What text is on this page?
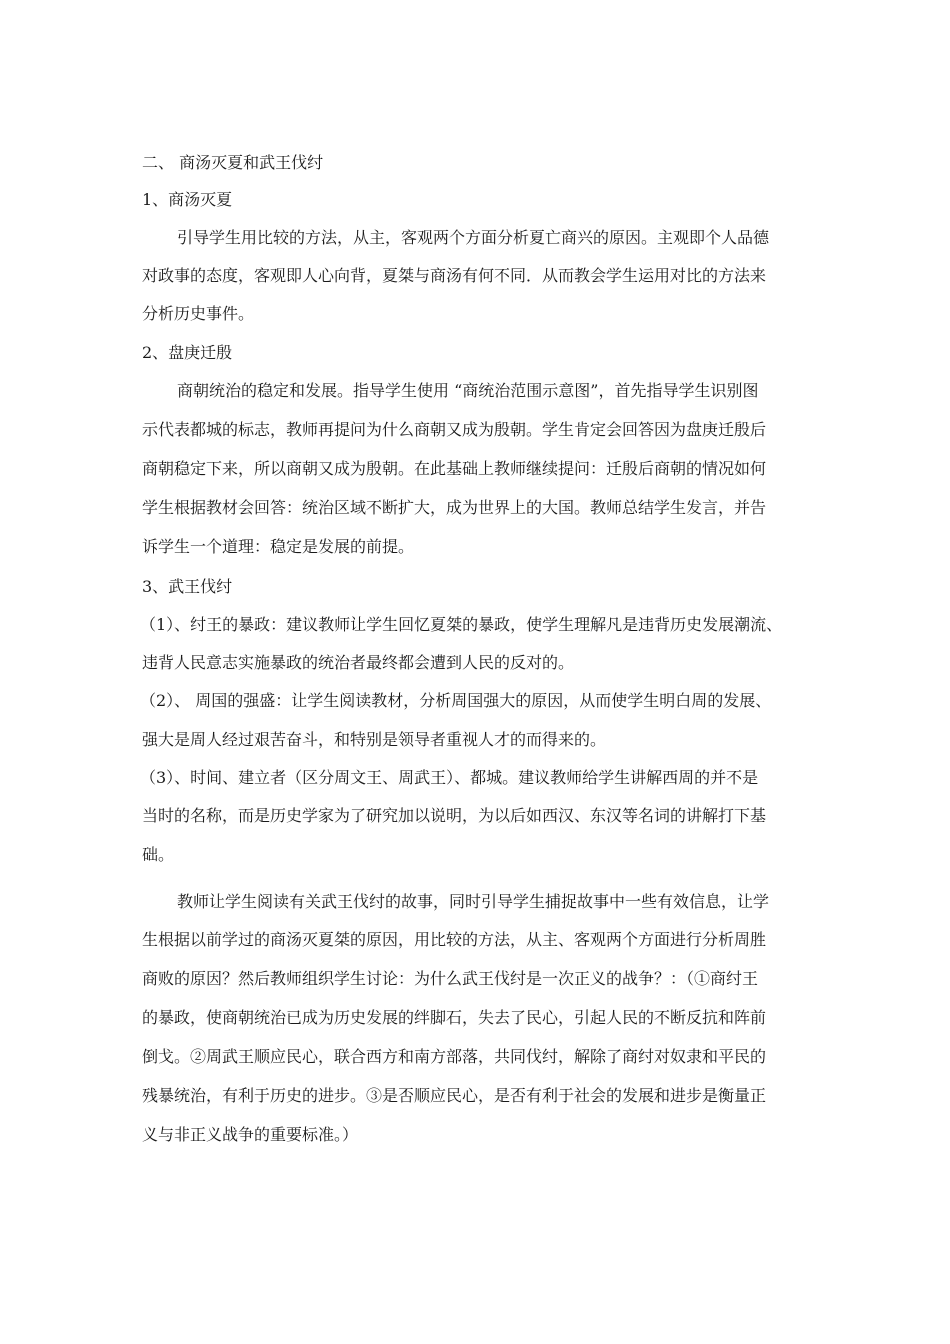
二、 商汤灭夏和武王伐纣
1、商汤灭夏
引导学生用比较的方法，从主，客观两个方面分析夏亡商兴的原因。主观即个人品德
对政事的态度，客观即人心向背，夏桀与商汤有何不同．从而教会学生运用对比的方法来
分析历史事件。
2、盘庚迁殷
商朝统治的稳定和发展。指导学生使用 “商统治范围示意图”，首先指导学生识别图
示代表都城的标志，教师再提问为什么商朝又成为殷朝。学生肯定会回答因为盘庚迁殷后
商朝稳定下来，所以商朝又成为殷朝。在此基础上教师继续提问：迁殷后商朝的情况如何
学生根据教材会回答：统治区域不断扩大，成为世界上的大国。教师总结学生发言，并告
诉学生一个道理：稳定是发展的前提。
3、武王伐纣
（1）、纣王的暴政：建议教师让学生回忆夏桀的暴政，使学生理解凡是违背历史发展潮流、
违背人民意志实施暴政的统治者最终都会遭到人民的反对的。
（2）、 周国的强盛：让学生阅读教材，分析周国强大的原因，从而使学生明白周的发展、
强大是周人经过艰苦奋斗，和特别是领导者重视人才的而得来的。
（3）、时间、建立者（区分周文王、周武王）、都城。建议教师给学生讲解西周的并不是
当时的名称，而是历史学家为了研究加以说明，为以后如西汉、东汉等名词的讲解打下基
础。
教师让学生阅读有关武王伐纣的故事，同时引导学生捕捉故事中一些有效信息，让学
生根据以前学过的商汤灭夏桀的原因，用比较的方法，从主、客观两个方面进行分析周胜
商败的原因？然后教师组织学生讨论：为什么武王伐纣是一次正义的战争？：（①商纣王
的暴政，使商朝统治已成为历史发展的绊脚石，失去了民心，引起人民的不断反抗和阵前
倒戈。②周武王顺应民心，联合西方和南方部落，共同伐纣，解除了商纣对奴隶和平民的
残暴统治，有利于历史的进步。③是否顺应民心，是否有利于社会的发展和进步是衡量正
义与非正义战争的重要标准。）
